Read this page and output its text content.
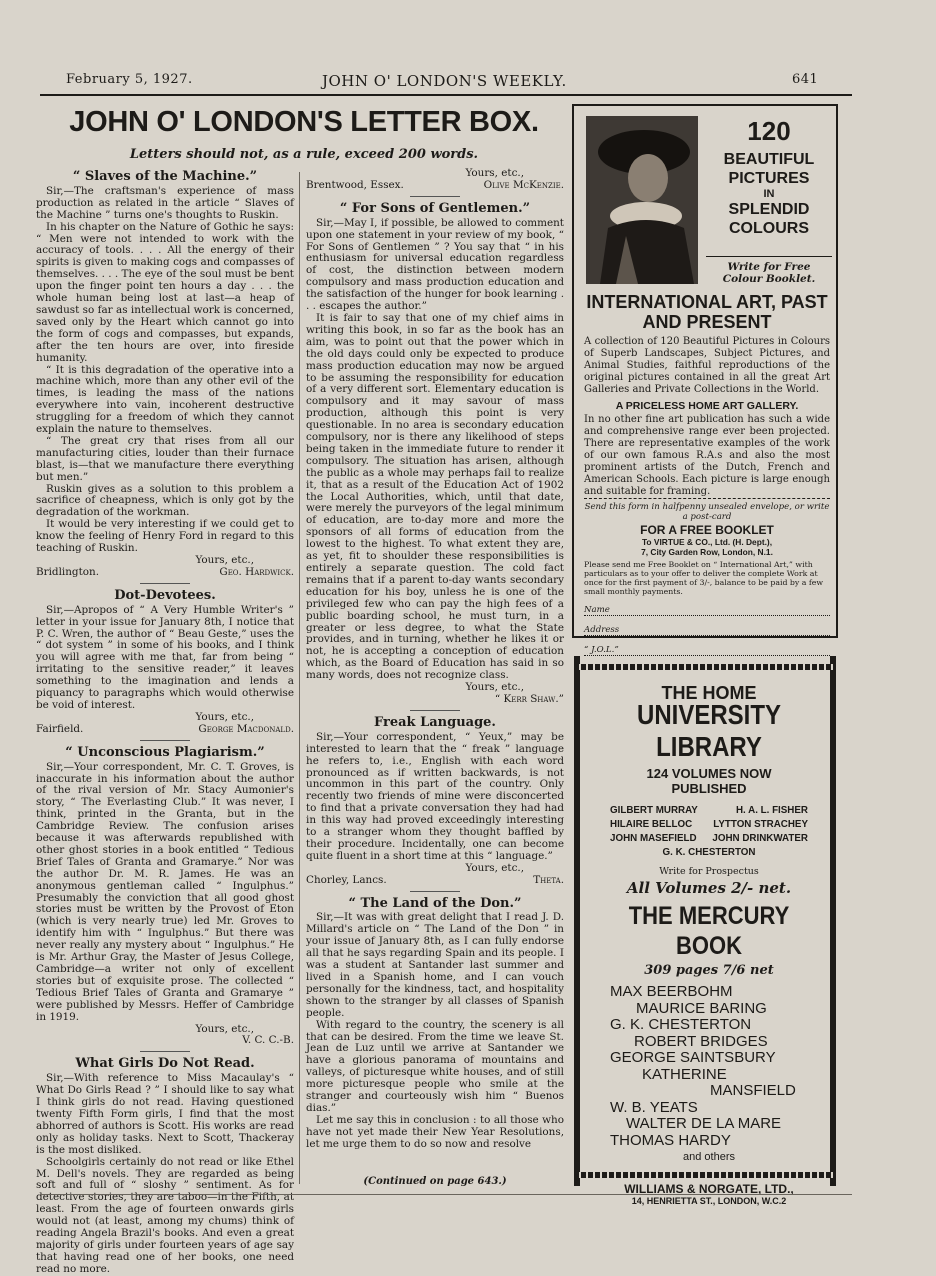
February 5, 1927.	JOHN O' LONDON'S WEEKLY.	641
JOHN O' LONDON'S LETTER BOX.
Letters should not, as a rule, exceed 200 words.
“ Slaves of the Machine.”

Sir,—The craftsman's experience of mass production as related in the article “ Slaves of the Machine ” turns one's thoughts to Ruskin.

In his chapter on the Nature of Gothic he says: “ Men were not intended to work with the accuracy of tools. . . . All the energy of their spirits is given to making cogs and compasses of themselves. . . . The eye of the soul must be bent upon the finger point ten hours a day . . . the whole human being lost at last—a heap of sawdust so far as intellectual work is concerned, saved only by the Heart which cannot go into the form of cogs and compasses, but expands, after the ten hours are over, into fireside humanity.

“ It is this degradation of the operative into a machine which, more than any other evil of the times, is leading the mass of the nations everywhere into vain, incoherent destructive struggling for a freedom of which they cannot explain the nature to themselves.

“ The great cry that rises from all our manufacturing cities, louder than their furnace blast, is—that we manufacture there everything but men.”

Ruskin gives as a solution to this problem a sacrifice of cheapness, which is only got by the degradation of the workman.

It would be very interesting if we could get to know the feeling of Henry Ford in regard to this teaching of Ruskin.

Yours, etc.,

Bridlington.	Geo. Hardwick.

Dot-Devotees.

Sir,—Apropos of “ A Very Humble Writer's ” letter in your issue for January 8th, I notice that P. C. Wren, the author of “ Beau Geste,” uses the “ dot system ” in some of his books, and I think you will agree with me that, far from being “ irritating to the sensitive reader,” it leaves something to the imagination and lends a piquancy to paragraphs which would otherwise be void of interest.

Yours, etc.,

Fairfield.	George Macdonald.

“ Unconscious Plagiarism.”

Sir,—Your correspondent, Mr. C. T. Groves, is inaccurate in his information about the author of the rival version of Mr. Stacy Aumonier's story, “ The Everlasting Club.” It was never, I think, printed in the Granta, but in the Cambridge Review. The confusion arises because it was afterwards republished with other ghost stories in a book entitled “ Tedious Brief Tales of Granta and Gramarye.” Nor was the author Dr. M. R. James. He was an anonymous gentleman called “ Ingulphus.” Presumably the conviction that all good ghost stories must be written by the Provost of Eton (which is very nearly true) led Mr. Groves to identify him with “ Ingulphus.” But there was never really any mystery about “ Ingulphus.” He is Mr. Arthur Gray, the Master of Jesus College, Cambridge—a writer not only of excellent stories but of exquisite prose. The collected “ Tedious Brief Tales of Granta and Gramarye ” were published by Messrs. Heffer of Cambridge in 1919.

Yours, etc.,

V. C. C.-B.

What Girls Do Not Read.

Sir,—With reference to Miss Macaulay's “ What Do Girls Read ? ” I should like to say what I think girls do not read. Having questioned twenty Fifth Form girls, I find that the most abhorred of authors is Scott. His works are read only as holiday tasks. Next to Scott, Thackeray is the most disliked.

Schoolgirls certainly do not read or like Ethel M. Dell's novels. They are regarded as being soft and full of “ sloshy ” sentiment. As for detective stories, they are taboo—in the Fifth, at least. From the age of fourteen onwards girls would not (at least, among my chums) think of reading Angela Brazil's books. And even a great majority of girls under fourteen years of age say that having read one of her books, one need read no more.

Yours, etc.,

Brentwood, Essex.	Olive McKenzie.

“ For Sons of Gentlemen.”

Sir,—May I, if possible, be allowed to comment upon one statement in your review of my book, “ For Sons of Gentlemen ” ? You say that “ in his enthusiasm for universal education regardless of cost, the distinction between modern compulsory and mass production education and the satisfaction of the hunger for book learning . . . escapes the author.”

It is fair to say that one of my chief aims in writing this book, in so far as the book has an aim, was to point out that the power which in the old days could only be expected to produce mass production education may now be argued to be assuming the responsibility for education of a very different sort. Elementary education is compulsory and it may savour of mass production, although this point is very questionable. In no area is secondary education compulsory, nor is there any likelihood of steps being taken in the immediate future to render it compulsory. The situation has arisen, although the public as a whole may perhaps fail to realize it, that as a result of the Education Act of 1902 the Local Authorities, which, until that date, were merely the purveyors of the legal minimum of education, are to-day more and more the sponsors of all forms of education from the lowest to the highest. To what extent they are, as yet, fit to shoulder these responsibilities is entirely a separate question. The cold fact remains that if a parent to-day wants secondary education for his boy, unless he is one of the privileged few who can pay the high fees of a public boarding school, he must turn, in a greater or less degree, to what the State provides, and in turning, whether he likes it or not, he is accepting a conception of education which, as the Board of Education has said in so many words, does not recognize class.

Yours, etc.,

“ Kerr Shaw.”

Freak Language.

Sir,—Your correspondent, “ Yeux,” may be interested to learn that the “ freak ” language he refers to, i.e., English with each word pronounced as if written backwards, is not uncommon in this part of the country. Only recently two friends of mine were disconcerted to find that a private conversation they had had in this way had proved exceedingly interesting to a stranger whom they thought baffled by their procedure. Incidentally, one can become quite fluent in a short time at this “ language.”

Yours, etc.,

Chorley, Lancs.	Theta.

“ The Land of the Don.”

Sir,—It was with great delight that I read J. D. Millard's article on “ The Land of the Don ” in your issue of January 8th, as I can fully endorse all that he says regarding Spain and its people. I was a student at Santander last summer and lived in a Spanish home, and I can vouch personally for the kindness, tact, and hospitality shown to the stranger by all classes of Spanish people.

With regard to the country, the scenery is all that can be desired. From the time we leave St. Jean de Luz until we arrive at Santander we have a glorious panorama of mountains and valleys, of picturesque white houses, and of still more picturesque people who smile at the stranger and courteously wish him “ Buenos dias.”

Let me say this in conclusion : to all those who have not yet made their New Year Resolutions, let me urge them to do so now and resolve

(Continued on page 643.)
120
BEAUTIFUL
PICTURES
IN
SPLENDID
COLOURS
Write for Free Colour Booklet.
INTERNATIONAL ART, PAST AND PRESENT
A collection of 120 Beautiful Pictures in Colours of Superb Landscapes, Subject Pictures, and Animal Studies, faithful reproductions of the original pictures contained in all the great Art Galleries and Private Collections in the World.
A PRICELESS HOME ART GALLERY.
In no other fine art publication has such a wide and comprehensive range ever been projected. There are representative examples of the work of our own famous R.A.s and also the most prominent artists of the Dutch, French and American Schools. Each picture is large enough and suitable for framing.
Send this form in halfpenny unsealed envelope, or write a post-card
FOR A FREE BOOKLET
To VIRTUE & CO., Ltd. (H. Dept.),
7, City Garden Row, London, N.1.
Please send me Free Booklet on “ International Art,” with particulars as to your offer to deliver the complete Work at once for the first payment of 3/-, balance to be paid by a few small monthly payments.
Name
Address
“ J.O.L.”
THE HOME
UNIVERSITY LIBRARY
124 VOLUMES NOW PUBLISHED
GILBERT MURRAY	H. A. L. FISHER
HILAIRE BELLOC LYTTON STRACHEY
JOHN MASEFIELD JOHN DRINKWATER
G. K. CHESTERTON
Write for Prospectus
All Volumes 2/- net.
THE MERCURY BOOK
309 pages 7/6 net
MAX BEERBOHM
MAURICE BARING
G. K. CHESTERTON
ROBERT BRIDGES
GEORGE SAINTSBURY
KATHERINE
MANSFIELD
W. B. YEATS
WALTER DE LA MARE
THOMAS HARDY
and others
WILLIAMS & NORGATE, LTD.,
14, HENRIETTA ST., LONDON, W.C.2
